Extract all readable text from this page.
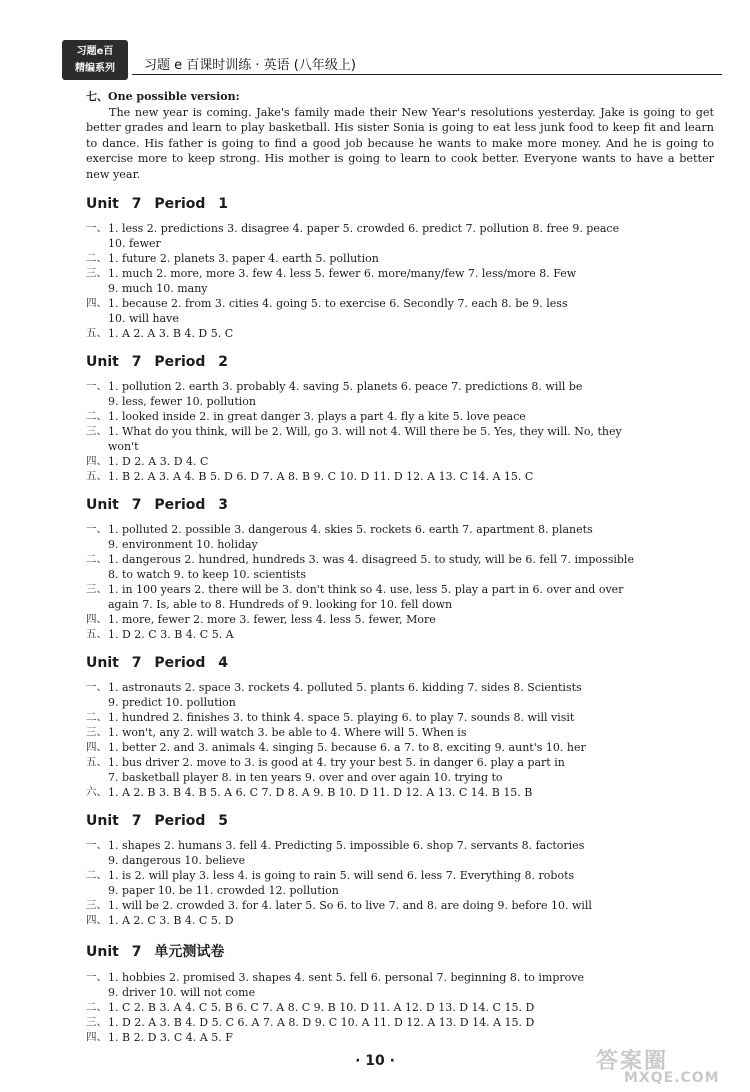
习题e百
精编系列	习题 e 百课时训练 · 英语 (八年级上)
七、One possible version:

The new year is coming. Jake's family made their New Year's resolutions yesterday. Jake is going to get better grades and learn to play basketball. His sister Sonia is going to eat less junk food to keep fit and learn to dance. His father is going to find a good job because he wants to make more money. And he is going to exercise more to keep strong. His mother is going to learn to cook better. Everyone wants to have a better new year.

Unit 7 Period 1
一、 1. less 2. predictions 3. disagree 4. paper 5. crowded 6. predict 7. pollution 8. free 9. peace
10. fewer
二、 1. future 2. planets 3. paper 4. earth 5. pollution
三、 1. much 2. more, more 3. few 4. less 5. fewer 6. more/many/few 7. less/more 8. Few
9. much 10. many
四、 1. because 2. from 3. cities 4. going 5. to exercise 6. Secondly 7. each 8. be 9. less
10. will have
五、 1. A 2. A 3. B 4. D 5. C
Unit 7 Period 2
一、 1. pollution 2. earth 3. probably 4. saving 5. planets 6. peace 7. predictions 8. will be
9. less, fewer 10. pollution
二、 1. looked inside 2. in great danger 3. plays a part 4. fly a kite 5. love peace
三、 1. What do you think, will be 2. Will, go 3. will not 4. Will there be 5. Yes, they will. No, they
won't
四、 1. D 2. A 3. D 4. C
五、 1. B 2. A 3. A 4. B 5. D 6. D 7. A 8. B 9. C 10. D 11. D 12. A 13. C 14. A 15. C
Unit 7 Period 3
一、 1. polluted 2. possible 3. dangerous 4. skies 5. rockets 6. earth 7. apartment 8. planets
9. environment 10. holiday
二、 1. dangerous 2. hundred, hundreds 3. was 4. disagreed 5. to study, will be 6. fell 7. impossible
8. to watch 9. to keep 10. scientists
三、 1. in 100 years 2. there will be 3. don't think so 4. use, less 5. play a part in 6. over and over
again 7. Is, able to 8. Hundreds of 9. looking for 10. fell down
四、 1. more, fewer 2. more 3. fewer, less 4. less 5. fewer, More
五、 1. D 2. C 3. B 4. C 5. A
Unit 7 Period 4
一、 1. astronauts 2. space 3. rockets 4. polluted 5. plants 6. kidding 7. sides 8. Scientists
9. predict 10. pollution
二、 1. hundred 2. finishes 3. to think 4. space 5. playing 6. to play 7. sounds 8. will visit
三、 1. won't, any 2. will watch 3. be able to 4. Where will 5. When is
四、 1. better 2. and 3. animals 4. singing 5. because 6. a 7. to 8. exciting 9. aunt's 10. her
五、 1. bus driver 2. move to 3. is good at 4. try your best 5. in danger 6. play a part in
7. basketball player 8. in ten years 9. over and over again 10. trying to
六、 1. A 2. B 3. B 4. B 5. A 6. C 7. D 8. A 9. B 10. D 11. D 12. A 13. C 14. B 15. B
Unit 7 Period 5
一、 1. shapes 2. humans 3. fell 4. Predicting 5. impossible 6. shop 7. servants 8. factories
9. dangerous 10. believe
二、 1. is 2. will play 3. less 4. is going to rain 5. will send 6. less 7. Everything 8. robots
9. paper 10. be 11. crowded 12. pollution
三、 1. will be 2. crowded 3. for 4. later 5. So 6. to live 7. and 8. are doing 9. before 10. will
四、 1. A 2. C 3. B 4. C 5. D
Unit 7 单元测试卷
一、 1. hobbies 2. promised 3. shapes 4. sent 5. fell 6. personal 7. beginning 8. to improve
9. driver 10. will not come
二、 1. C 2. B 3. A 4. C 5. B 6. C 7. A 8. C 9. B 10. D 11. A 12. D 13. D 14. C 15. D
三、 1. D 2. A 3. B 4. D 5. C 6. A 7. A 8. D 9. C 10. A 11. D 12. A 13. D 14. A 15. D
四、 1. B 2. D 3. C 4. A 5. F
· 10 ·	答案圈
MXQE.COM
